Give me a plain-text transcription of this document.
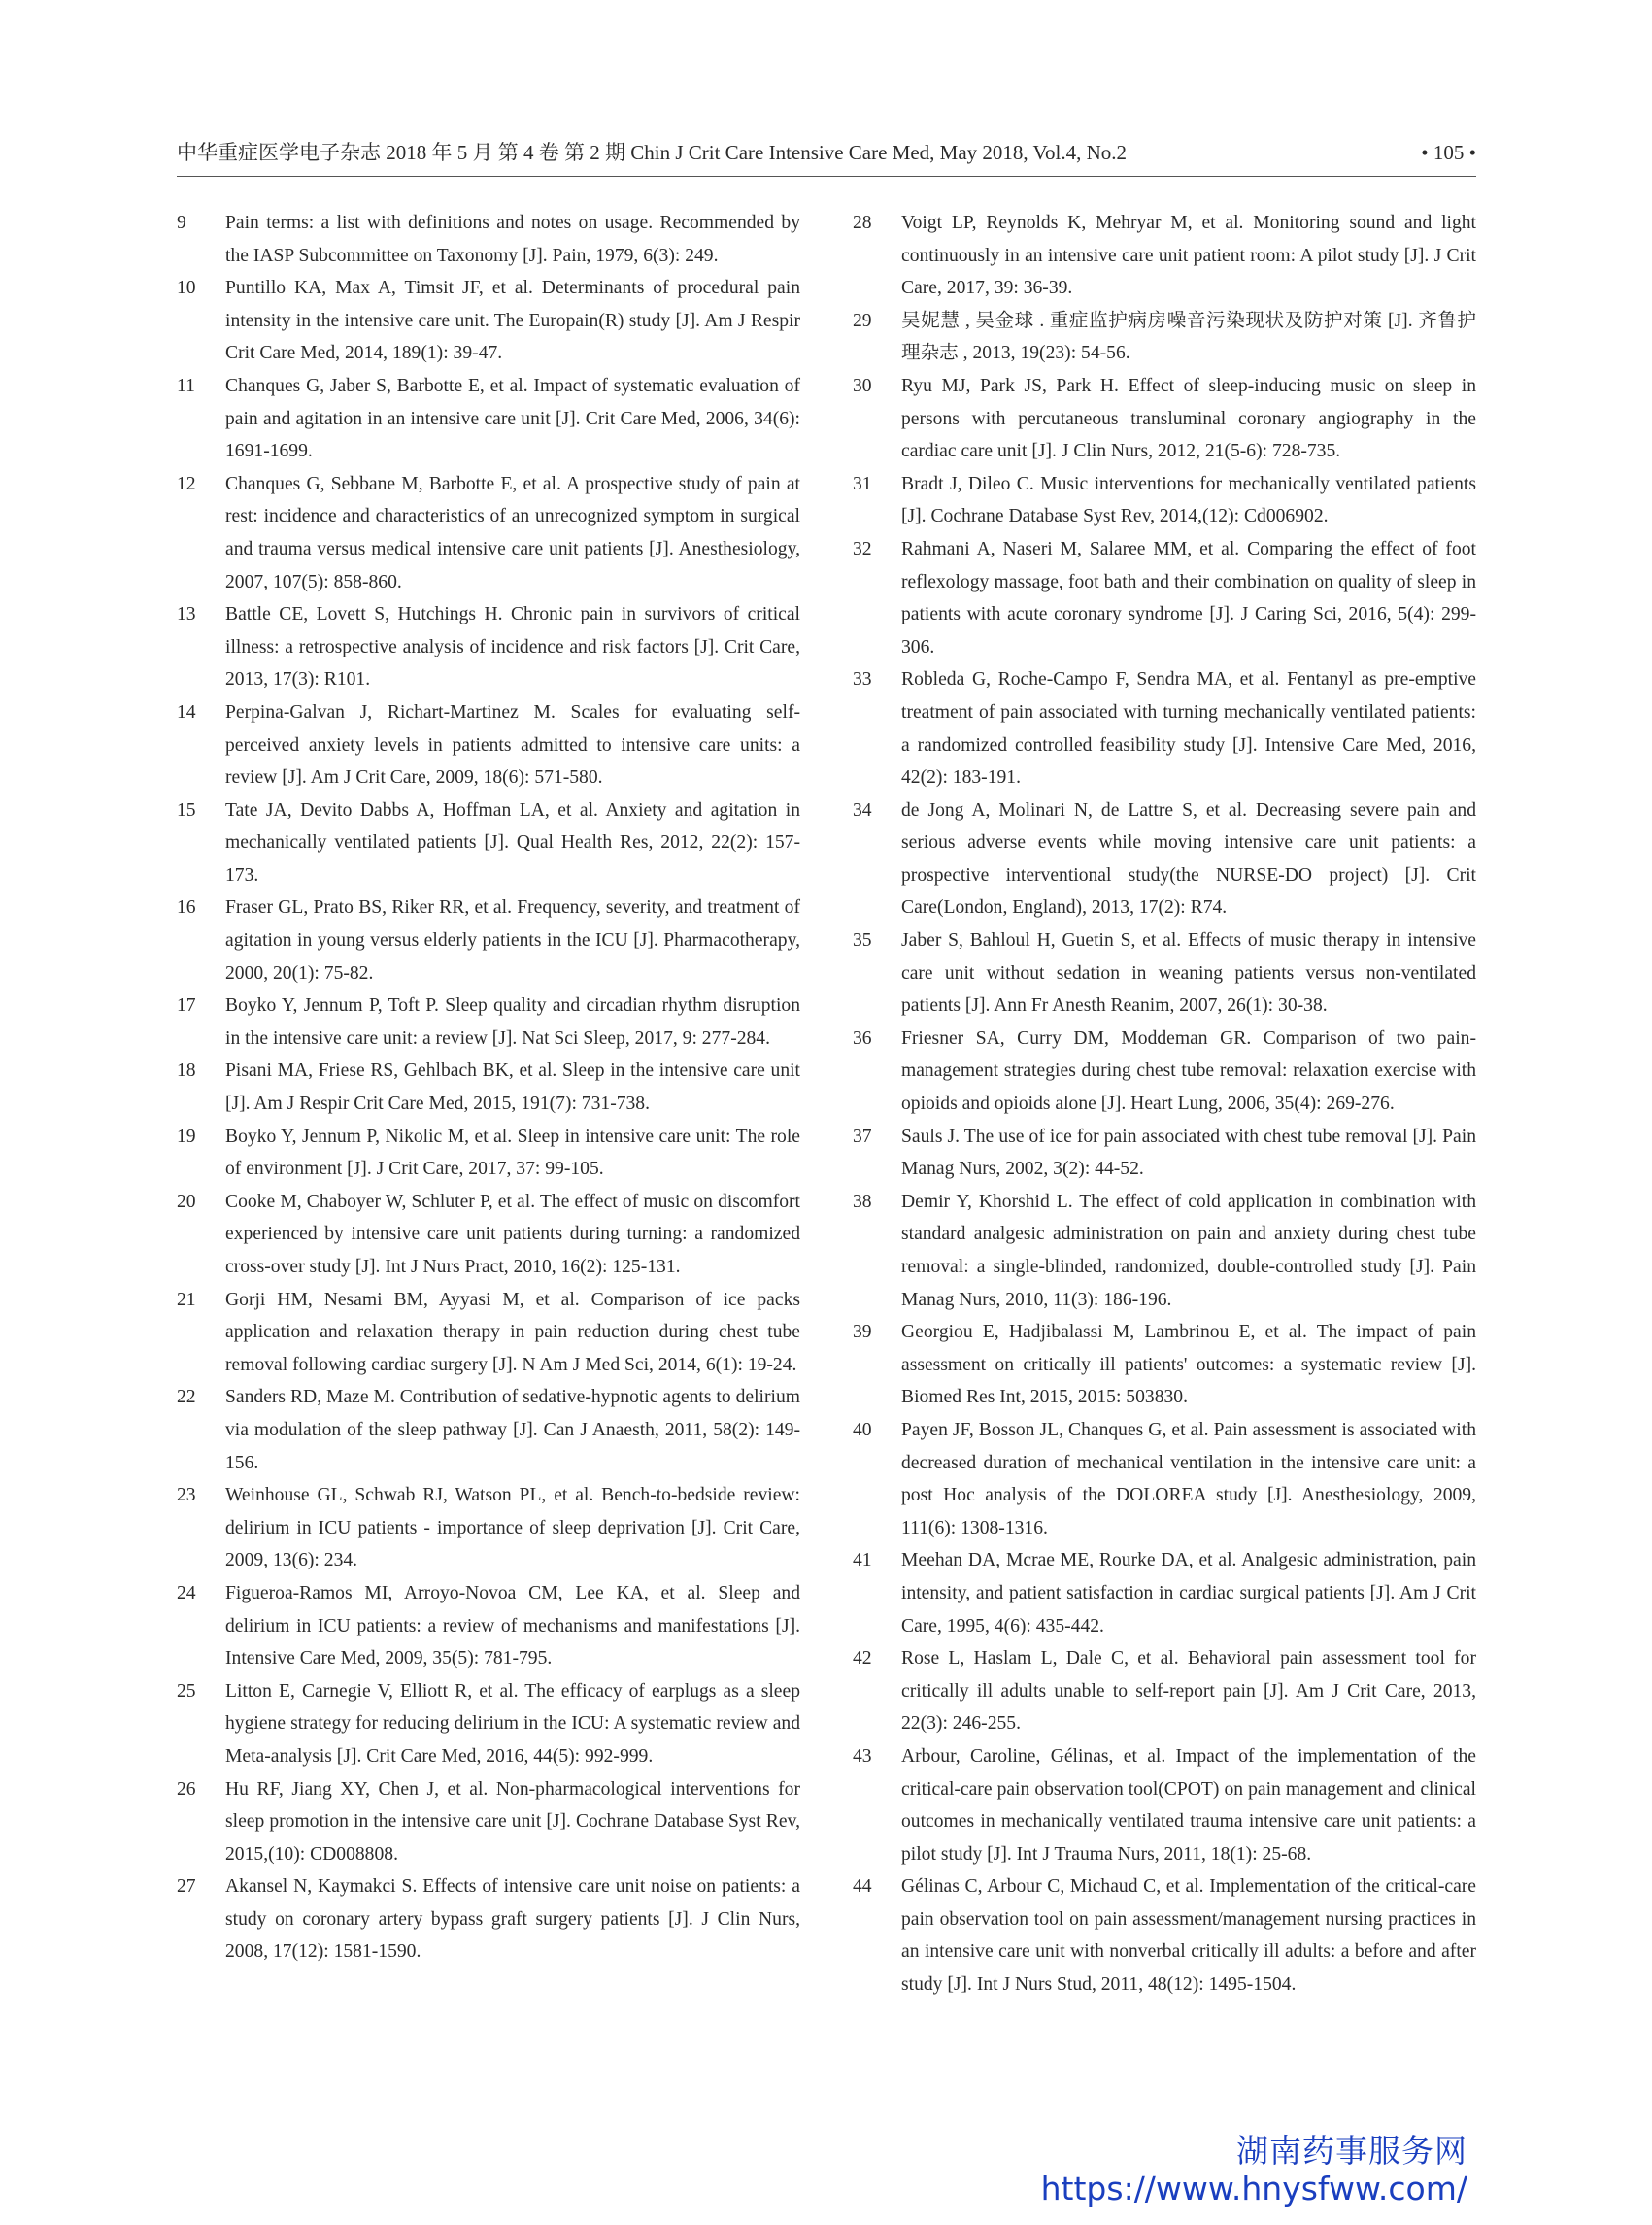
中华重症医学电子杂志 2018 年 5 月 第 4 卷 第 2 期 Chin J Crit Care Intensive Care Med, May 2018, Vol.4, No.2	• 105 •
9	Pain terms: a list with definitions and notes on usage. Recommended by the IASP Subcommittee on Taxonomy [J]. Pain, 1979, 6(3): 249.
10	Puntillo KA, Max A, Timsit JF, et al. Determinants of procedural pain intensity in the intensive care unit. The Europain(R) study [J]. Am J Respir Crit Care Med, 2014, 189(1): 39-47.
11	Chanques G, Jaber S, Barbotte E, et al. Impact of systematic evaluation of pain and agitation in an intensive care unit [J]. Crit Care Med, 2006, 34(6): 1691-1699.
12	Chanques G, Sebbane M, Barbotte E, et al. A prospective study of pain at rest: incidence and characteristics of an unrecognized symptom in surgical and trauma versus medical intensive care unit patients [J]. Anesthesiology, 2007, 107(5): 858-860.
13	Battle CE, Lovett S, Hutchings H. Chronic pain in survivors of critical illness: a retrospective analysis of incidence and risk factors [J]. Crit Care, 2013, 17(3): R101.
14	Perpina-Galvan J, Richart-Martinez M. Scales for evaluating self-perceived anxiety levels in patients admitted to intensive care units: a review [J]. Am J Crit Care, 2009, 18(6): 571-580.
15	Tate JA, Devito Dabbs A, Hoffman LA, et al. Anxiety and agitation in mechanically ventilated patients [J]. Qual Health Res, 2012, 22(2): 157-173.
16	Fraser GL, Prato BS, Riker RR, et al. Frequency, severity, and treatment of agitation in young versus elderly patients in the ICU [J]. Pharmacotherapy, 2000, 20(1): 75-82.
17	Boyko Y, Jennum P, Toft P. Sleep quality and circadian rhythm disruption in the intensive care unit: a review [J]. Nat Sci Sleep, 2017, 9: 277-284.
18	Pisani MA, Friese RS, Gehlbach BK, et al. Sleep in the intensive care unit [J]. Am J Respir Crit Care Med, 2015, 191(7): 731-738.
19	Boyko Y, Jennum P, Nikolic M, et al. Sleep in intensive care unit: The role of environment [J]. J Crit Care, 2017, 37: 99-105.
20	Cooke M, Chaboyer W, Schluter P, et al. The effect of music on discomfort experienced by intensive care unit patients during turning: a randomized cross-over study [J]. Int J Nurs Pract, 2010, 16(2): 125-131.
21	Gorji HM, Nesami BM, Ayyasi M, et al. Comparison of ice packs application and relaxation therapy in pain reduction during chest tube removal following cardiac surgery [J]. N Am J Med Sci, 2014, 6(1): 19-24.
22	Sanders RD, Maze M. Contribution of sedative-hypnotic agents to delirium via modulation of the sleep pathway [J]. Can J Anaesth, 2011, 58(2): 149-156.
23	Weinhouse GL, Schwab RJ, Watson PL, et al. Bench-to-bedside review: delirium in ICU patients - importance of sleep deprivation [J]. Crit Care, 2009, 13(6): 234.
24	Figueroa-Ramos MI, Arroyo-Novoa CM, Lee KA, et al. Sleep and delirium in ICU patients: a review of mechanisms and manifestations [J]. Intensive Care Med, 2009, 35(5): 781-795.
25	Litton E, Carnegie V, Elliott R, et al. The efficacy of earplugs as a sleep hygiene strategy for reducing delirium in the ICU: A systematic review and Meta-analysis [J]. Crit Care Med, 2016, 44(5): 992-999.
26	Hu RF, Jiang XY, Chen J, et al. Non-pharmacological interventions for sleep promotion in the intensive care unit [J]. Cochrane Database Syst Rev, 2015,(10): CD008808.
27	Akansel N, Kaymakci S. Effects of intensive care unit noise on patients: a study on coronary artery bypass graft surgery patients [J]. J Clin Nurs, 2008, 17(12): 1581-1590.
28	Voigt LP, Reynolds K, Mehryar M, et al. Monitoring sound and light continuously in an intensive care unit patient room: A pilot study [J]. J Crit Care, 2017, 39: 36-39.
29	吴妮慧 , 吴金球 . 重症监护病房噪音污染现状及防护对策 [J]. 齐鲁护理杂志 , 2013, 19(23): 54-56.
30	Ryu MJ, Park JS, Park H. Effect of sleep-inducing music on sleep in persons with percutaneous transluminal coronary angiography in the cardiac care unit [J]. J Clin Nurs, 2012, 21(5-6): 728-735.
31	Bradt J, Dileo C. Music interventions for mechanically ventilated patients [J]. Cochrane Database Syst Rev, 2014,(12): Cd006902.
32	Rahmani A, Naseri M, Salaree MM, et al. Comparing the effect of foot reflexology massage, foot bath and their combination on quality of sleep in patients with acute coronary syndrome [J]. J Caring Sci, 2016, 5(4): 299-306.
33	Robleda G, Roche-Campo F, Sendra MA, et al. Fentanyl as pre-emptive treatment of pain associated with turning mechanically ventilated patients: a randomized controlled feasibility study [J]. Intensive Care Med, 2016, 42(2): 183-191.
34	de Jong A, Molinari N, de Lattre S, et al. Decreasing severe pain and serious adverse events while moving intensive care unit patients: a prospective interventional study(the NURSE-DO project) [J]. Crit Care(London, England), 2013, 17(2): R74.
35	Jaber S, Bahloul H, Guetin S, et al. Effects of music therapy in intensive care unit without sedation in weaning patients versus non-ventilated patients [J]. Ann Fr Anesth Reanim, 2007, 26(1): 30-38.
36	Friesner SA, Curry DM, Moddeman GR. Comparison of two pain-management strategies during chest tube removal: relaxation exercise with opioids and opioids alone [J]. Heart Lung, 2006, 35(4): 269-276.
37	Sauls J. The use of ice for pain associated with chest tube removal [J]. Pain Manag Nurs, 2002, 3(2): 44-52.
38	Demir Y, Khorshid L. The effect of cold application in combination with standard analgesic administration on pain and anxiety during chest tube removal: a single-blinded, randomized, double-controlled study [J]. Pain Manag Nurs, 2010, 11(3): 186-196.
39	Georgiou E, Hadjibalassi M, Lambrinou E, et al. The impact of pain assessment on critically ill patients' outcomes: a systematic review [J]. Biomed Res Int, 2015, 2015: 503830.
40	Payen JF, Bosson JL, Chanques G, et al. Pain assessment is associated with decreased duration of mechanical ventilation in the intensive care unit: a post Hoc analysis of the DOLOREA study [J]. Anesthesiology, 2009, 111(6): 1308-1316.
41	Meehan DA, Mcrae ME, Rourke DA, et al. Analgesic administration, pain intensity, and patient satisfaction in cardiac surgical patients [J]. Am J Crit Care, 1995, 4(6): 435-442.
42	Rose L, Haslam L, Dale C, et al. Behavioral pain assessment tool for critically ill adults unable to self-report pain [J]. Am J Crit Care, 2013, 22(3): 246-255.
43	Arbour, Caroline, Gélinas, et al. Impact of the implementation of the critical-care pain observation tool(CPOT) on pain management and clinical outcomes in mechanically ventilated trauma intensive care unit patients: a pilot study [J]. Int J Trauma Nurs, 2011, 18(1): 25-68.
44	Gélinas C, Arbour C, Michaud C, et al. Implementation of the critical-care pain observation tool on pain assessment/management nursing practices in an intensive care unit with nonverbal critically ill adults: a before and after study [J]. Int J Nurs Stud, 2011, 48(12): 1495-1504.
湖南药事服务网
https://www.hnysfww.com/
